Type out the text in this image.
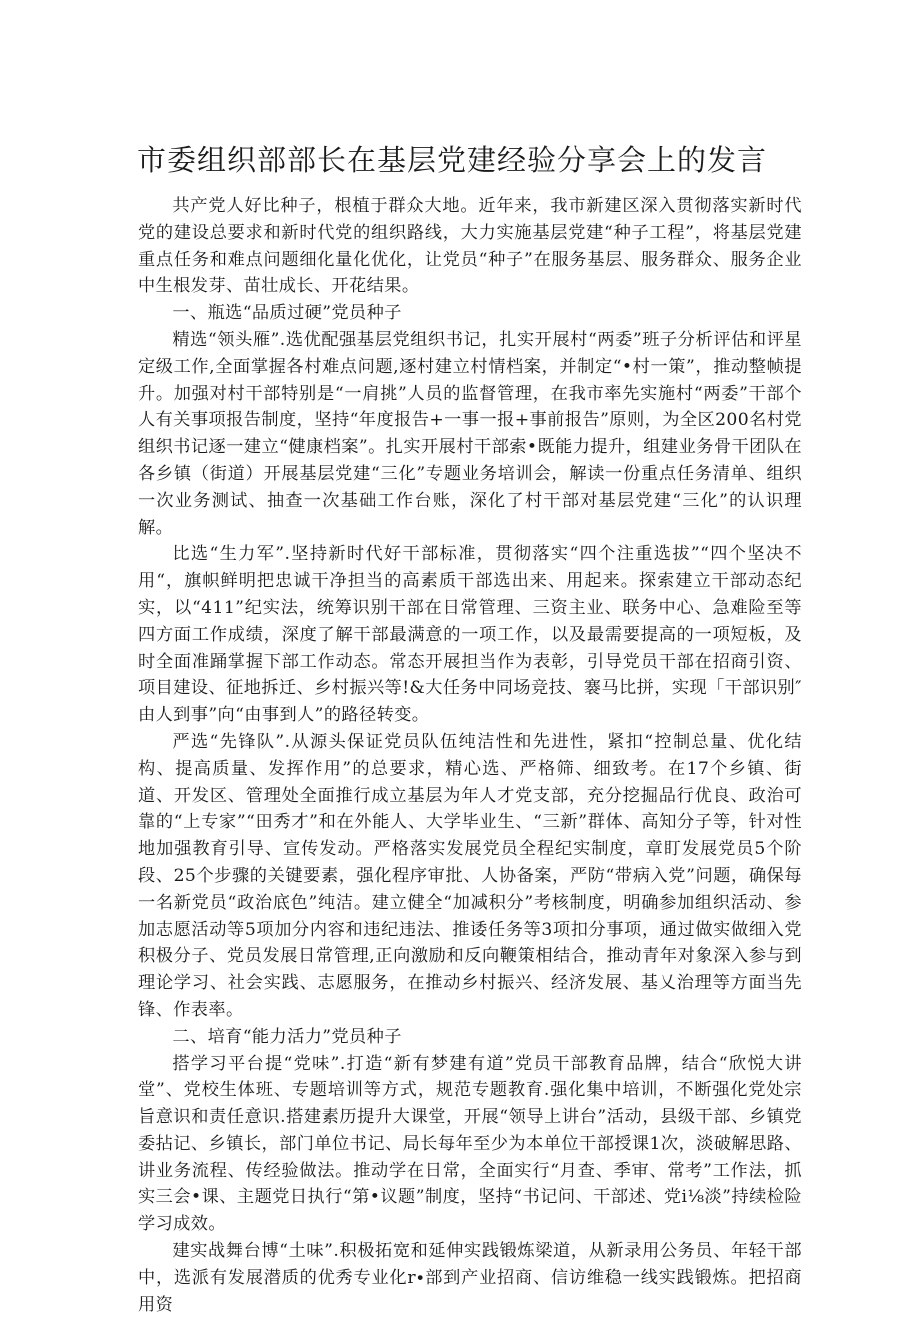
市委组织部部长在基层党建经验分享会上的发言

共产党人好比种子，根植于群众大地。近年来，我市新建区深入贯彻落实新时代党的建设总要求和新时代党的组织路线，大力实施基层党建“种子工程”，将基层党建重点任务和难点问题细化量化优化，让党员“种子”在服务基层、服务群众、服务企业中生根发芽、苗壮成长、开花结果。

一、瓶选“品质过硬”党员种子

精选“领头雁”.选优配强基层党组织书记，扎实开展村“两委”班子分析评估和评星定级工作,全面掌握各村难点问题,逐村建立村情档案，并制定“•村一策”，推动整帧提升。加强对村干部特别是“一肩挑”人员的监督管理，在我市率先实施村“两委”干部个人有关事项报告制度，坚持“年度报告+一事一报+事前报告”原则，为全区200名村党组织书记逐一建立“健康档案”。扎实开展村干部索•既能力提升，组建业务骨干团队在各乡镇（街道）开展基层党建“三化”专题业务培训会，解读一份重点任务清单、组织一次业务测试、抽查一次基础工作台账，深化了村干部对基层党建“三化”的认识理解。

比选“生力军”.坚持新时代好干部标准，贯彻落实“四个注重选拔”“四个坚决不用“，旗帜鲜明把忠诚干净担当的高素质干部选出来、用起来。探索建立干部动态纪实，以“411”纪实法，统筹识别干部在日常管理、三资主业、联务中心、急难险至等四方面工作成绩，深度了解干部最满意的一项工作，以及最需要提高的一项短板，及时全面准踊掌握下部工作动态。常态开展担当作为表彰，引导党员干部在招商引资、项目建设、征地拆迁、乡村振兴等!&大任务中同场竞技、褰马比拼，实现「干部识别″由人到事”向“由事到人”的路径转变。

严选“先锋队”.从源头保证党员队伍纯洁性和先进性，紧扣“控制总量、优化结构、提高质量、发挥作用”的总要求，精心选、严格筛、细致考。在17个乡镇、街道、开发区、管理处全面推行成立基层为年人才党支部，充分挖掘品行优良、政治可靠的“上专家”“田秀才”和在外能人、大学毕业生、“三新”群体、高知分子等，针对性地加强教育引导、宣传发动。严格落实发展党员全程纪实制度，章盯发展党员5个阶段、25个步骤的关键要素，强化程序审批、人协备案，严防“带病入党”问题，确保每一名新党员“政治底色”纯洁。建立健全“加减积分”考核制度，明确参加组织活动、参加志愿活动等5项加分内容和违纪违法、推诿任务等3项扣分事项，通过做实做细入党积极分子、党员发展日常管理,正向激励和反向鞭策相结合，推动青年对象深入参与到理论学习、社会实践、志愿服务，在推动乡村振兴、经济发展、基乂治理等方面当先锋、作表率。

二、培育“能力活力”党员种子

搭学习平台提“党味”.打造“新有梦建有道”党员干部教育品牌，结合“欣悦大讲堂”、党校生体班、专题培训等方式，规范专题教育.强化集中培训，不断强化党处宗旨意识和责任意识.搭建素历提升大课堂，开展“领导上讲台”活动，县级干部、乡镇党委拈记、乡镇长，部门单位书记、局长每年至少为本单位干部授课1次，淡破解思路、讲业务流程、传经验做法。推动学在日常，全面实行“月查、季审、常考”工作法，抓实三会•课、主题党日执行“第•议题”制度，坚持“书记问、干部述、党i⅛淡”持续检险学习成效。

建实战舞台博“土味”.积极拓宽和延伸实践锻炼梁道，从新录用公务员、年轻干部中，选派有发展潜质的优秀专业化r∙部到产业招商、信访维稳一线实践锻炼。把招商用资
